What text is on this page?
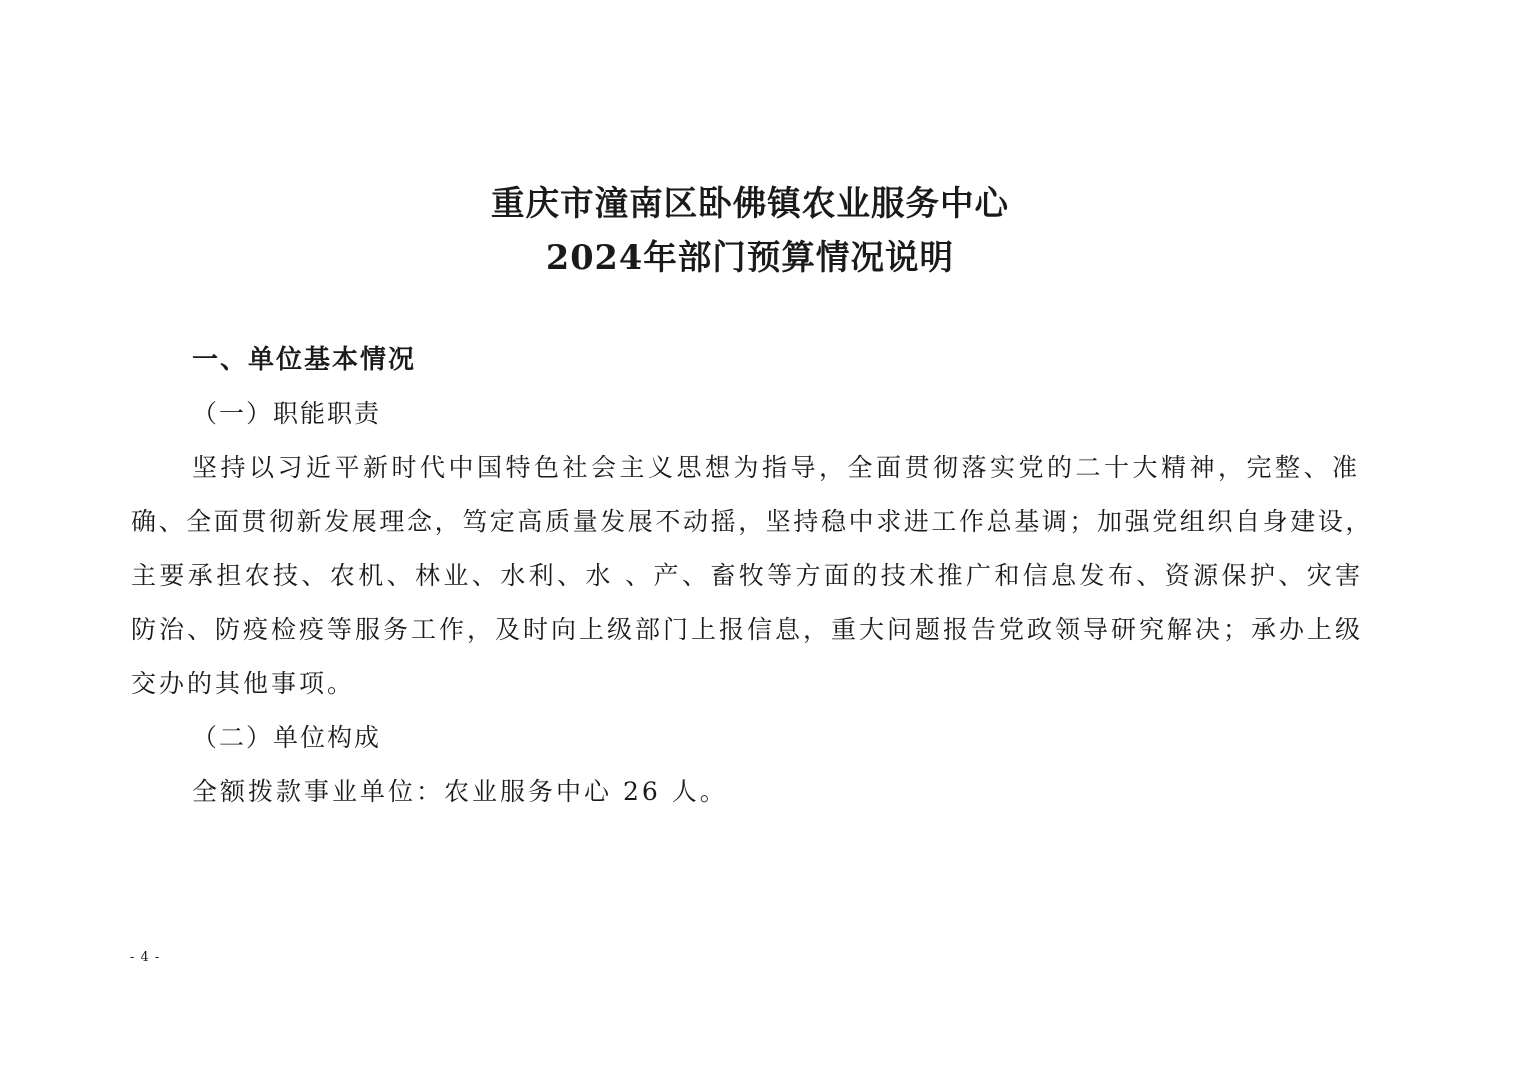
重庆市潼南区卧佛镇农业服务中心
2024年部门预算情况说明
一、单位基本情况
（一）职能职责
坚持以习近平新时代中国特色社会主义思想为指导，全面贯彻落实党的二十大精神，完整、准
确、全面贯彻新发展理念，笃定高质量发展不动摇，坚持稳中求进工作总基调；加强党组织自身建设，
主要承担农技、农机、林业、水利、水 、产、畜牧等方面的技术推广和信息发布、资源保护、灾害
防治、防疫检疫等服务工作，及时向上级部门上报信息，重大问题报告党政领导研究解决；承办上级
交办的其他事项。
（二）单位构成
全额拨款事业单位：农业服务中心 26 人。
- 4 -
